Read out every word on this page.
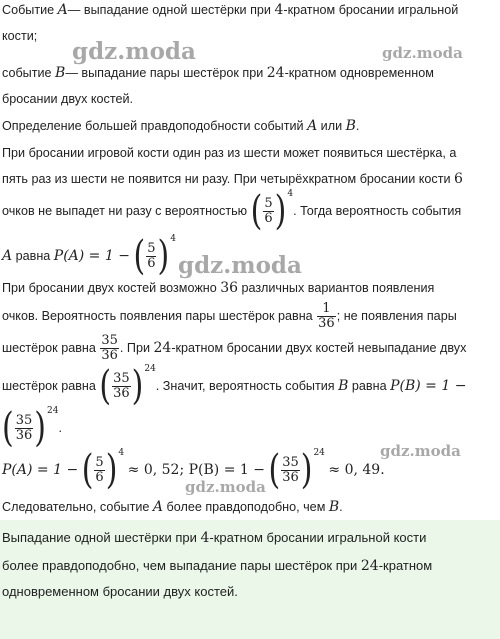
Событие A— выпадание одной шестёрки при 4-кратном бросании игральной
кости;
событие B— выпадание пары шестёрок при 24-кратном одновременном
бросании двух костей.
Определение большей правдоподобности событий A или B.
При бросании игровой кости один раз из шести может появиться шестёрка, а
пять раз из шести не появится ни разу. При четырёхкратном бросании кости 6
очков не выпадет ни разу с вероятностью ( $\frac{5}{6}$ ) 4
. Тогда вероятность события
A равна P(A) = 1 − ( $\frac{5}{6}$ ) 4
При бросании двух костей возможно 36 различных вариантов появления
очков. Вероятность появления пары шестёрок равна $\frac{1}{36}$ ; не появления пары
шестёрок равна $\frac{35}{36}$ . При 24-кратном бросании двух костей невыпадание двух
шестёрок равна ( $\frac{35}{36}$ ) 24
. Значит, вероятность события B равна P(B) = 1 −
( $\frac{35}{36}$ ) 24
.
P(A) = 1 − ( $\frac{5}{6}$ ) 4
≈ 0, 52; P(B) = 1 − ( $\frac{35}{36}$ ) 24
≈ 0, 49.
Следовательно, событие A более правдоподобно, чем B.
Выпадание одной шестёрки при 4-кратном бросании игральной кости
более правдоподобно, чем выпадание пары шестёрок при 24-кратном
одновременном бросании двух костей.
gdz.moda	gdz.moda
gdz.moda
gdz.moda
gdz.moda
